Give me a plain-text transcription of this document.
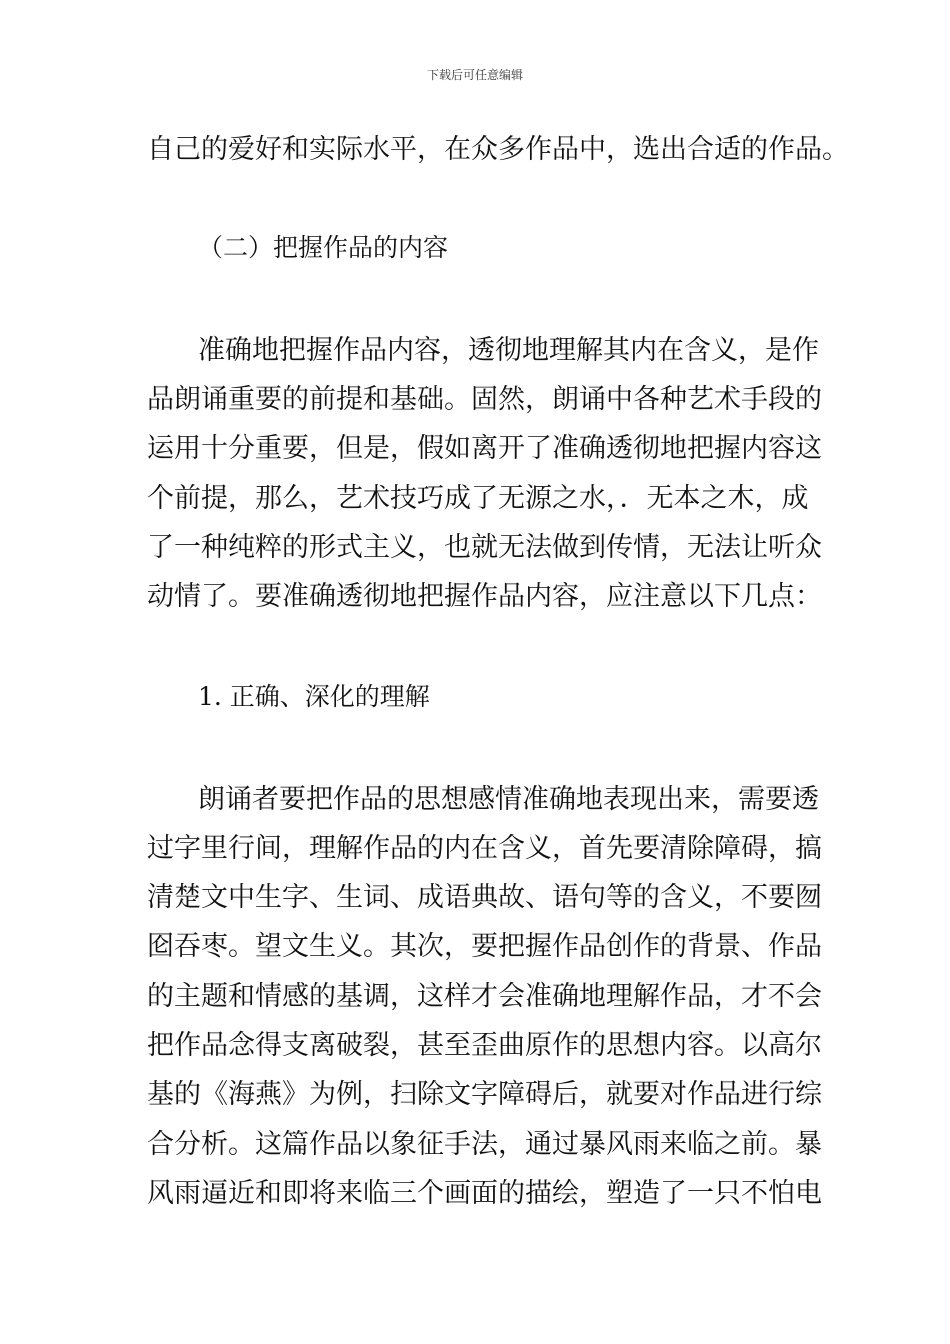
下载后可任意编辑
自己的爱好和实际水平，在众多作品中，选出合适的作品。
（二）把握作品的内容
准确地把握作品内容，透彻地理解其内在含义，是作
品朗诵重要的前提和基础。固然，朗诵中各种艺术手段的
运用十分重要，但是，假如离开了准确透彻地把握内容这
个前提，那么，艺术技巧成了无源之水，．无本之木，成
了一种纯粹的形式主义，也就无法做到传情，无法让听众
动情了。要准确透彻地把握作品内容，应注意以下几点：
1. 正确、深化的理解
朗诵者要把作品的思想感情准确地表现出来，需要透
过字里行间，理解作品的内在含义，首先要清除障碍，搞
清楚文中生字、生词、成语典故、语句等的含义，不要囫
囵吞枣。望文生义。其次，要把握作品创作的背景、作品
的主题和情感的基调，这样才会准确地理解作品，才不会
把作品念得支离破裂，甚至歪曲原作的思想内容。以高尔
基的《海燕》为例，扫除文字障碍后，就要对作品进行综
合分析。这篇作品以象征手法，通过暴风雨来临之前。暴
风雨逼近和即将来临三个画面的描绘，塑造了一只不怕电
